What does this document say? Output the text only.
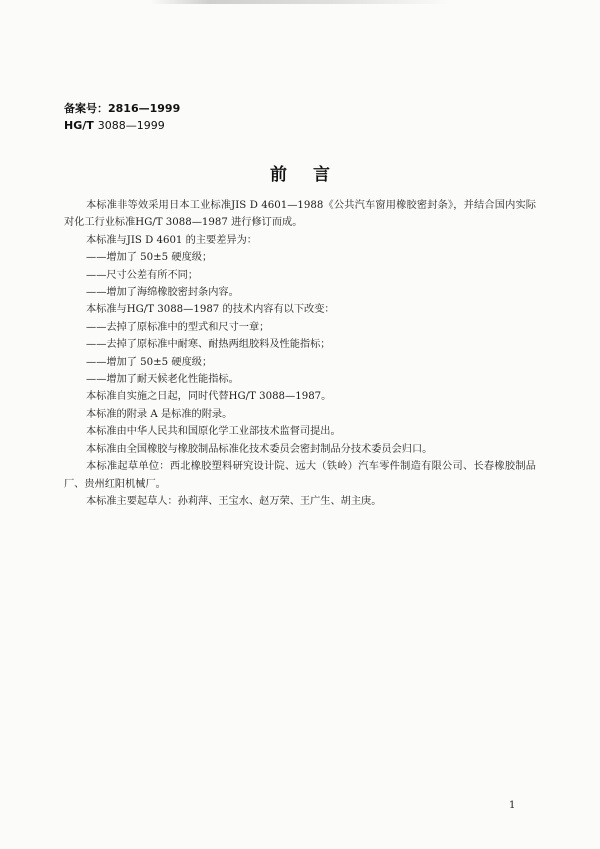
备案号：2816—1999
HG/T 3088—1999
前言

本标准非等效采用日本工业标准JIS D 4601—1988《公共汽车窗用橡胶密封条》，并结合国内实际对化工行业标准HG/T 3088—1987 进行修订而成。

本标准与JIS D 4601 的主要差异为：

——增加了 50±5 硬度级；

——尺寸公差有所不同；

——增加了海绵橡胶密封条内容。

本标准与HG/T 3088—1987 的技术内容有以下改变：

——去掉了原标准中的型式和尺寸一章；

——去掉了原标准中耐寒、耐热两组胶料及性能指标；

——增加了 50±5 硬度级；

——增加了耐天候老化性能指标。

本标准自实施之日起，同时代替HG/T 3088—1987。

本标准的附录 A 是标准的附录。

本标准由中华人民共和国原化学工业部技术监督司提出。

本标准由全国橡胶与橡胶制品标准化技术委员会密封制品分技术委员会归口。

本标准起草单位：西北橡胶塑料研究设计院、远大（铁岭）汽车零件制造有限公司、长春橡胶制品厂、贵州红阳机械厂。

本标准主要起草人：孙莉萍、王宝水、赵万荣、王广生、胡主庚。

1
